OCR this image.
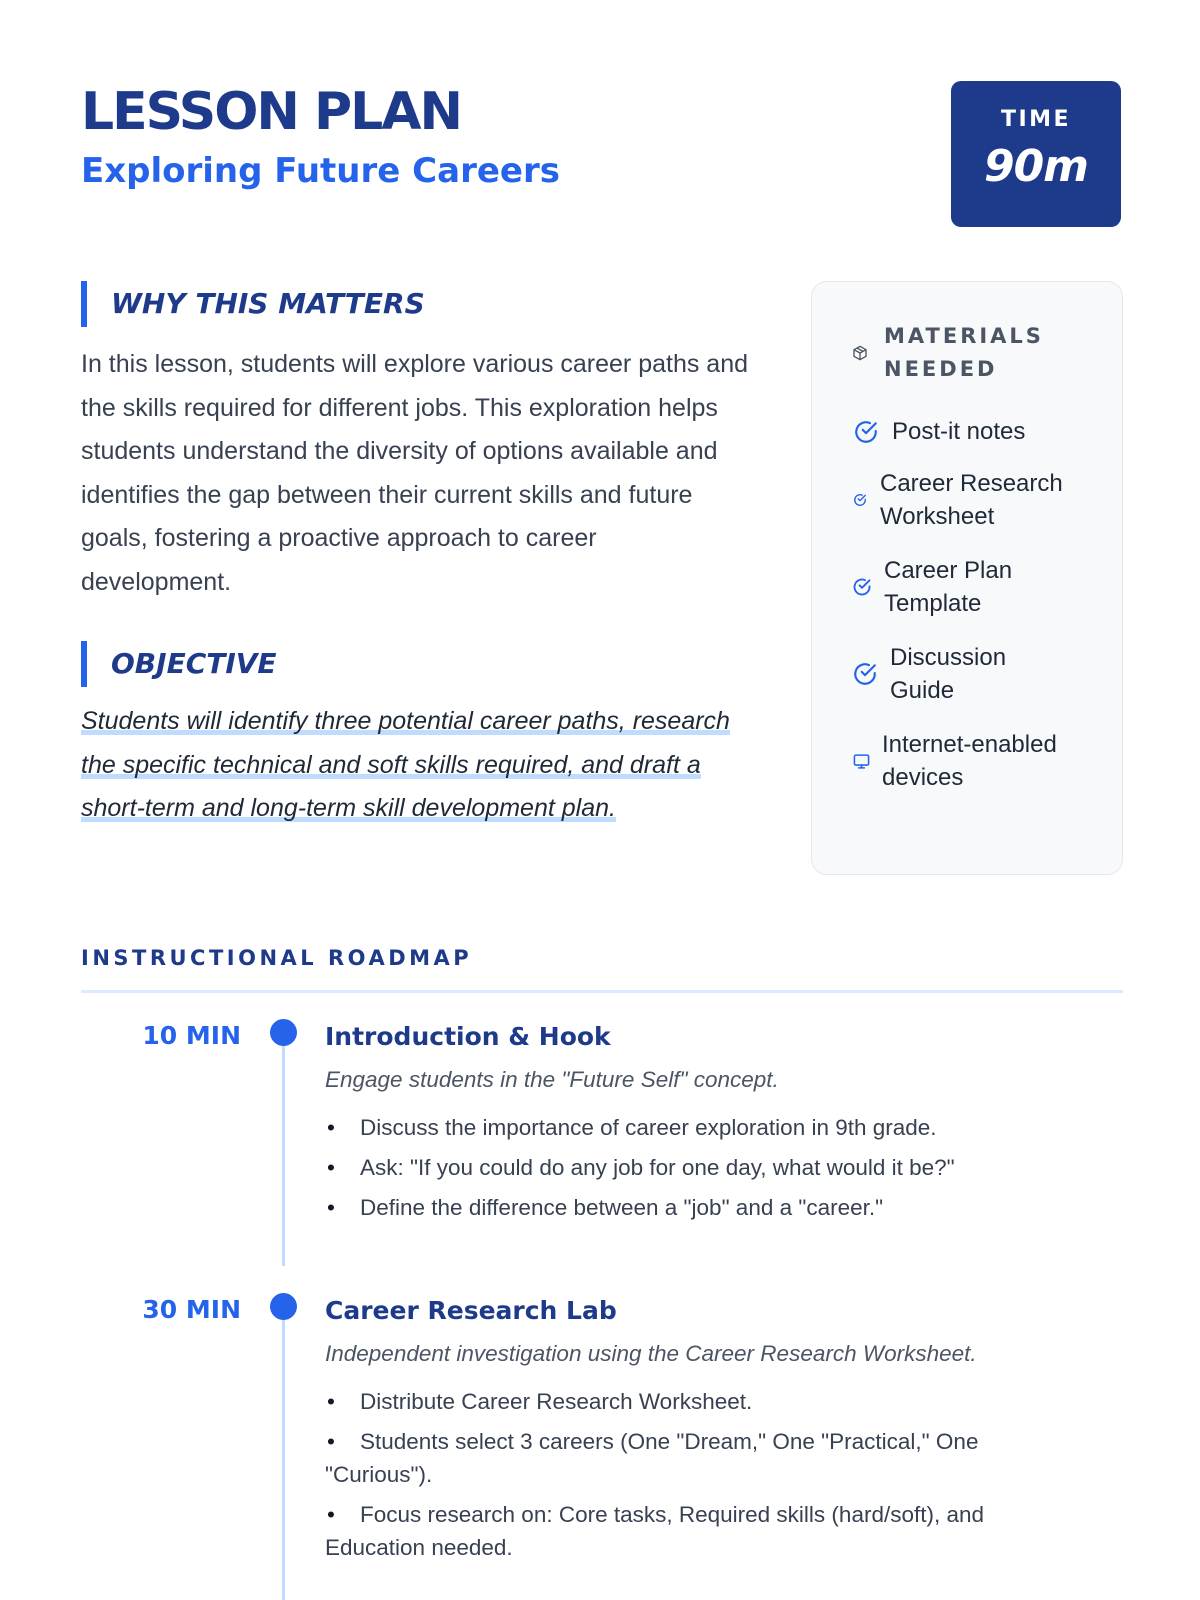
LESSON PLAN
Exploring Future Careers
TIME
90m
WHY THIS MATTERS

In this lesson, students will explore various career paths and the skills required for different jobs. This exploration helps students understand the diversity of options available and identifies the gap between their current skills and future goals, fostering a proactive approach to career development.

OBJECTIVE

Students will identify three potential career paths, research the specific technical and soft skills required, and draft a short-term and long-term skill development plan.

MATERIALS NEEDED
Post-it notes
Career Research Worksheet
Career Plan Template
Discussion Guide
Internet-enabled devices
INSTRUCTIONAL ROADMAP
10 MIN	Introduction & Hook
Engage students in the "Future Self" concept.
• Discuss the importance of career exploration in 9th grade.
• Ask: "If you could do any job for one day, what would it be?"
• Define the difference between a "job" and a "career."
30 MIN	Career Research Lab
Independent investigation using the Career Research Worksheet.
• Distribute Career Research Worksheet.
• Students select 3 careers (One "Dream," One "Practical," One "Curious").
• Focus research on: Core tasks, Required skills (hard/soft), and Education needed.
